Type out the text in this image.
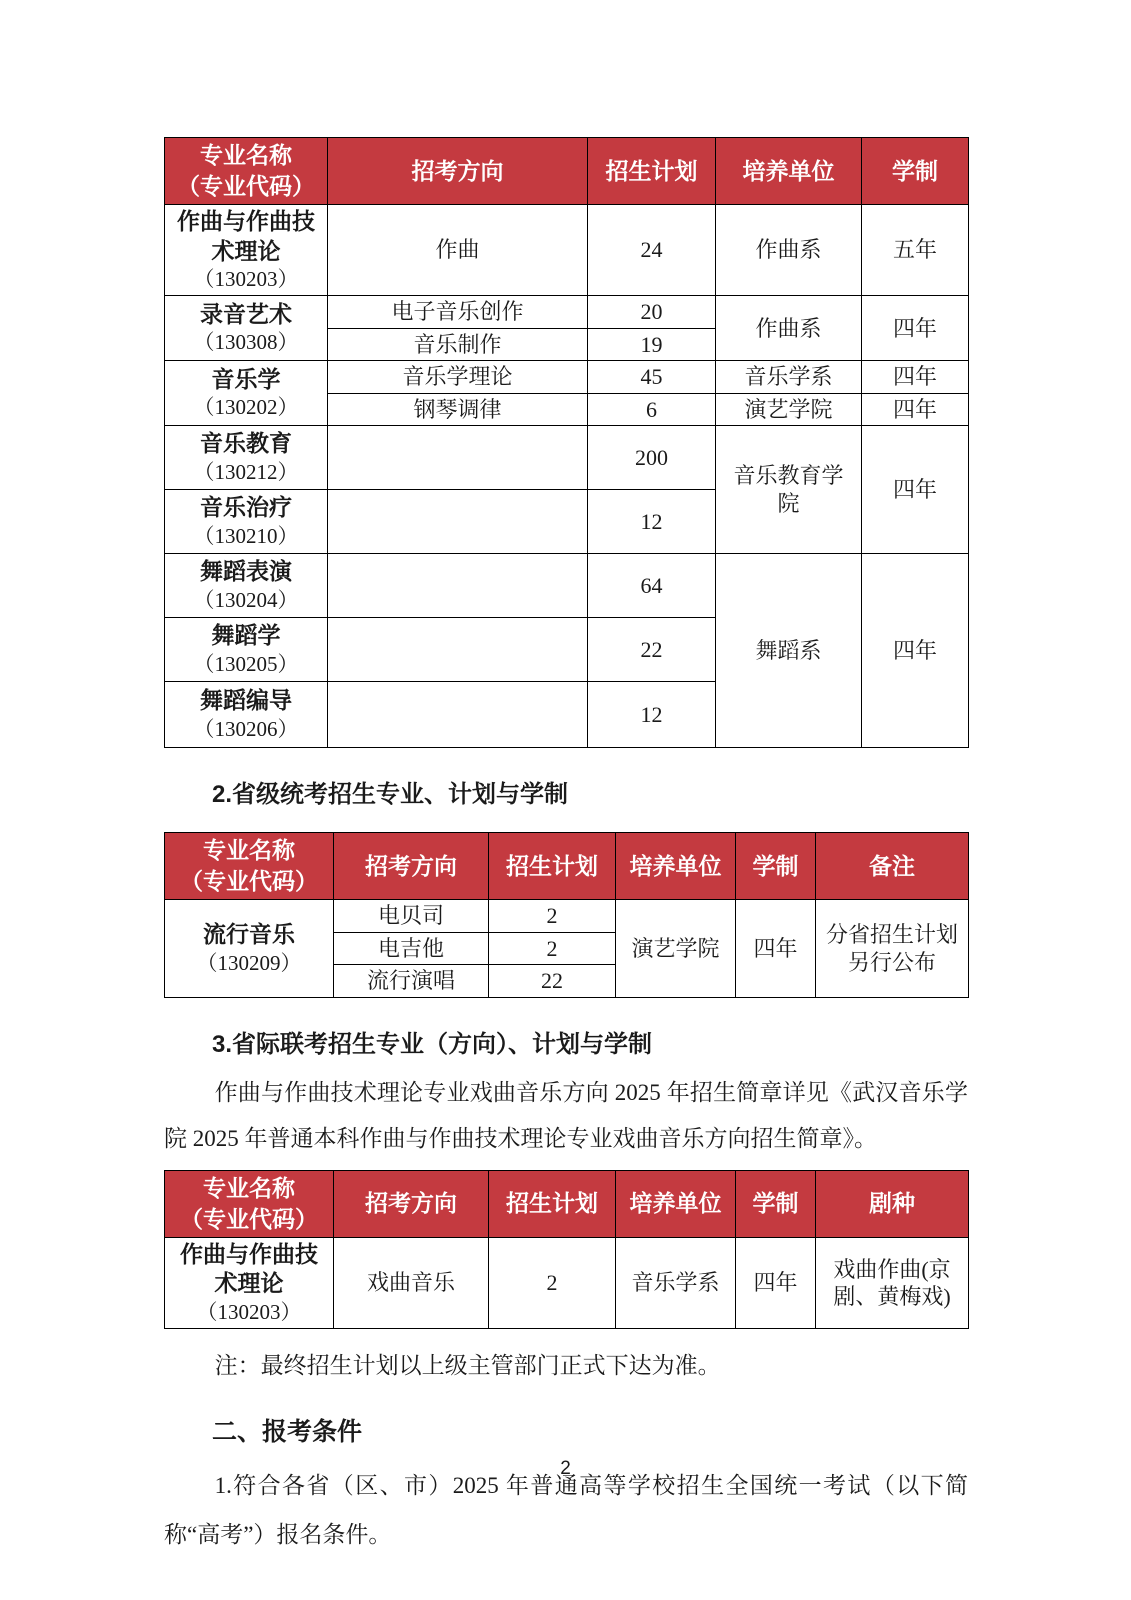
专业名称
（专业代码）	招考方向	招生计划	培养单位	学制

作曲与作曲技术理论
（130203）	作曲	24	作曲系	五年

录音艺术
（130308）	电子音乐创作	20	作曲系	四年
	音乐制作	19		

音乐学
（130202）	音乐学理论	45	音乐学系	四年
	钢琴调律	6	演艺学院	四年

音乐教育
（130212）		200	音乐教育学院	四年

音乐治疗
（130210）		12		

舞蹈表演
（130204）		64	舞蹈系	四年

舞蹈学
（130205）		22		

舞蹈编导
（130206）		12		
2.省级统考招生专业、计划与学制
专业名称
（专业代码）	招考方向	招生计划	培养单位	学制	备注

流行音乐
（130209）	电贝司	2	演艺学院	四年	分省招生计划另行公布
	电吉他	2			
	流行演唱	22			
3.省际联考招生专业（方向）、计划与学制

作曲与作曲技术理论专业戏曲音乐方向 2025 年招生简章详见《武汉音乐学院 2025 年普通本科作曲与作曲技术理论专业戏曲音乐方向招生简章》。

专业名称
（专业代码）	招考方向	招生计划	培养单位	学制	剧种

作曲与作曲技术理论
（130203）	戏曲音乐	2	音乐学系	四年	戏曲作曲(京剧、黄梅戏)
注：最终招生计划以上级主管部门正式下达为准。
二、报考条件

1.符合各省（区、市）2025 年普通高等学校招生全国统一考试（以下简称“高考”）报名条件。

2
